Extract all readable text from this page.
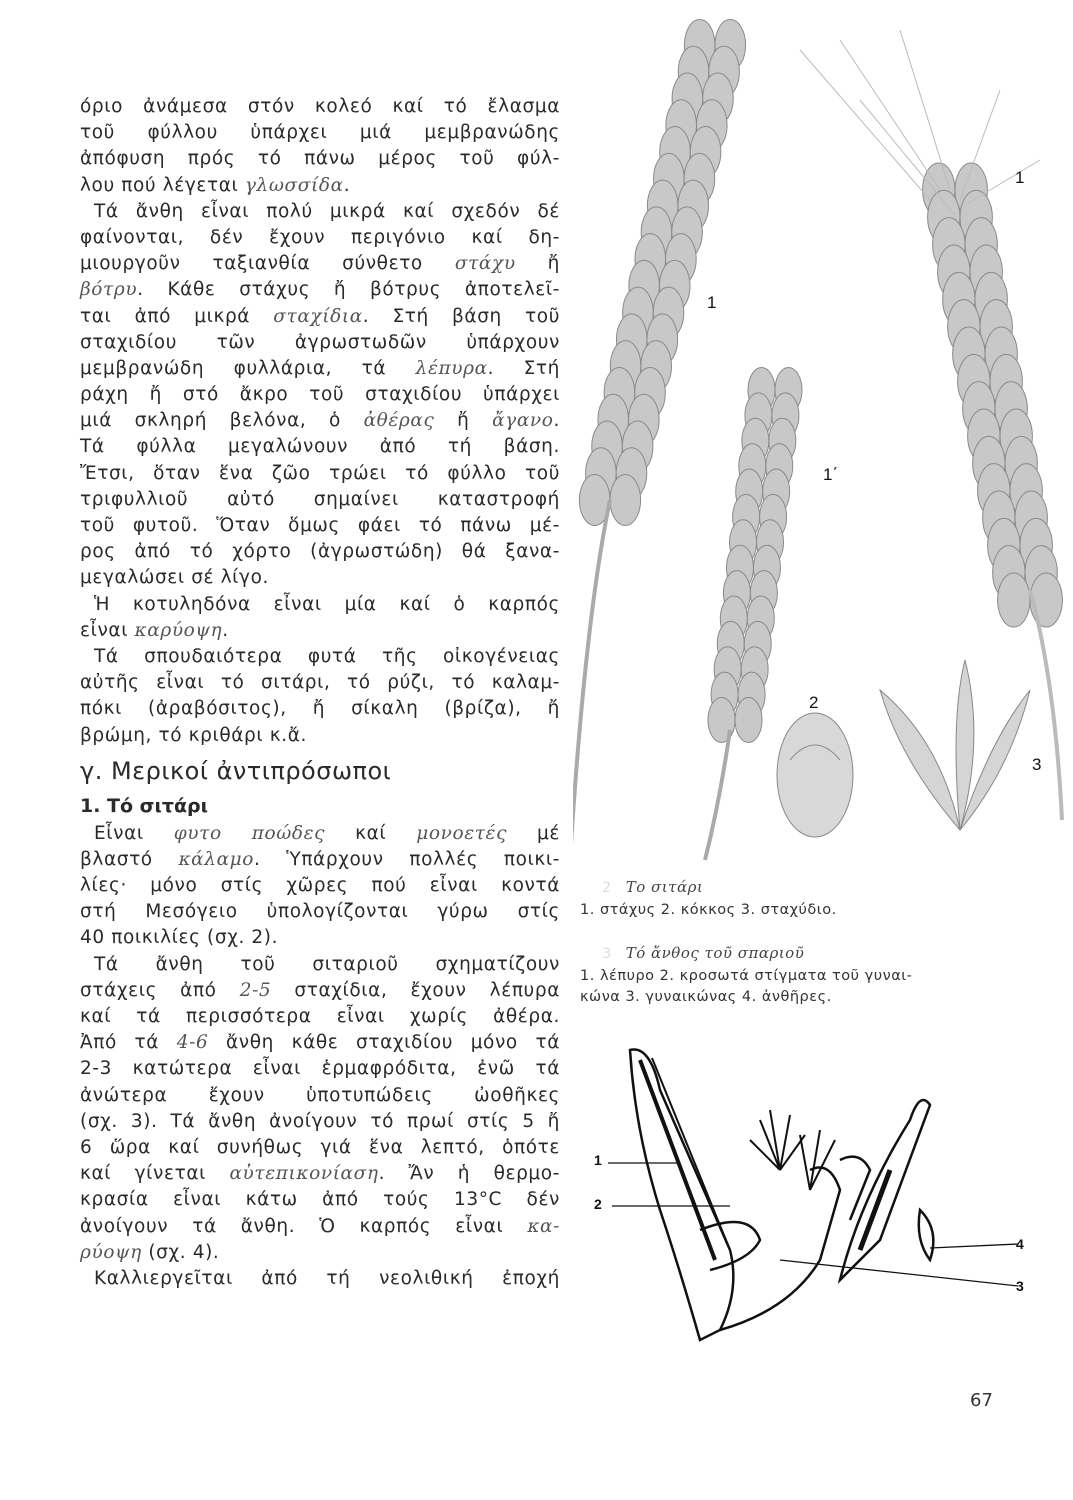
όριο ἀνάμεσα στόν κολεό καί τό ἔλασμα
τοῦ φύλλου ὑπάρχει μιά μεμβρανώδης
ἀπόφυση πρός τό πάνω μέρος τοῦ φύλ-
λου πού λέγεται γλωσσίδα.
Τά ἄνθη εἶναι πολύ μικρά καί σχεδόν δέ
φαίνονται, δέν ἔχουν περιγόνιο καί δη-
μιουργοῦν ταξιανθία σύνθετο στάχυ ἤ
βότρυ. Κάθε στάχυς ἤ βότρυς ἀποτελεῖ-
ται ἀπό μικρά σταχίδια. Στή βάση τοῦ
σταχιδίου τῶν ἀγρωστωδῶν ὑπάρχουν
μεμβρανώδη φυλλάρια, τά λέπυρα. Στή
ράχη ἤ στό ἄκρο τοῦ σταχιδίου ὑπάρχει
μιά σκληρή βελόνα, ὁ ἀθέρας ἤ ἄγανο.
Τά φύλλα μεγαλώνουν ἀπό τή βάση.
Ἔτσι, ὅταν ἕνα ζῶο τρώει τό φύλλο τοῦ
τριφυλλιοῦ αὐτό σημαίνει καταστροφή
τοῦ φυτοῦ. Ὅταν ὅμως φάει τό πάνω μέ-
ρος ἀπό τό χόρτο (ἀγρωστώδη) θά ξανα-
μεγαλώσει σέ λίγο.
Ἡ κοτυληδόνα εἶναι μία καί ὁ καρπός
εἶναι καρύοψη.
Τά σπουδαιότερα φυτά τῆς οἰκογένειας
αὐτῆς εἶναι τό σιτάρι, τό ρύζι, τό καλαμ-
πόκι (ἀραβόσιτος), ἤ σίκαλη (βρίζα), ἤ
βρώμη, τό κριθάρι κ.ἄ.
γ. Μερικοί ἀντιπρόσωποι
1. Τό σιτάρι
Εἶναι φυτο ποώδες καί μονοετές μέ
βλαστό κάλαμο. Ὑπάρχουν πολλές ποικι-
λίες· μόνο στίς χῶρες πού εἶναι κοντά
στή Μεσόγειο ὑπολογίζονται γύρω στίς
40 ποικιλίες (σχ. 2).
Τά ἄνθη τοῦ σιταριοῦ σχηματίζουν
στάχεις ἀπό 2-5 σταχίδια, ἔχουν λέπυρα
καί τά περισσότερα εἶναι χωρίς ἀθέρα.
Ἀπό τά 4-6 ἄνθη κάθε σταχιδίου μόνο τά
2-3 κατώτερα εἶναι ἑρμαφρόδιτα, ἐνῶ τά
ἀνώτερα ἔχουν ὑποτυπώδεις ὠοθῆκες
(σχ. 3). Τά ἄνθη ἀνοίγουν τό πρωί στίς 5 ἤ
6 ὥρα καί συνήθως γιά ἕνα λεπτό, ὁπότε
καί γίνεται αὐτεπικονίαση. Ἄν ἡ θερμο-
κρασία εἶναι κάτω ἀπό τούς 13°C δέν
ἀνοίγουν τά ἄνθη. Ὁ καρπός εἶναι κα-
ρύοψη (σχ. 4).
Καλλιεργεῖται ἀπό τή νεολιθική ἐποχή
1
1
1΄
2
3
2 Το σιτάρι
1. στάχυς 2. κόκκος 3. σταχύδιο.
3 Τό ἄνθος τοῦ σπαριοῦ
1. λέπυρο 2. κροσωτά στίγματα τοῦ γυναι-
κώνα 3. γυναικώνας 4. ἀνθῆρες.
1
2
4
3
67
